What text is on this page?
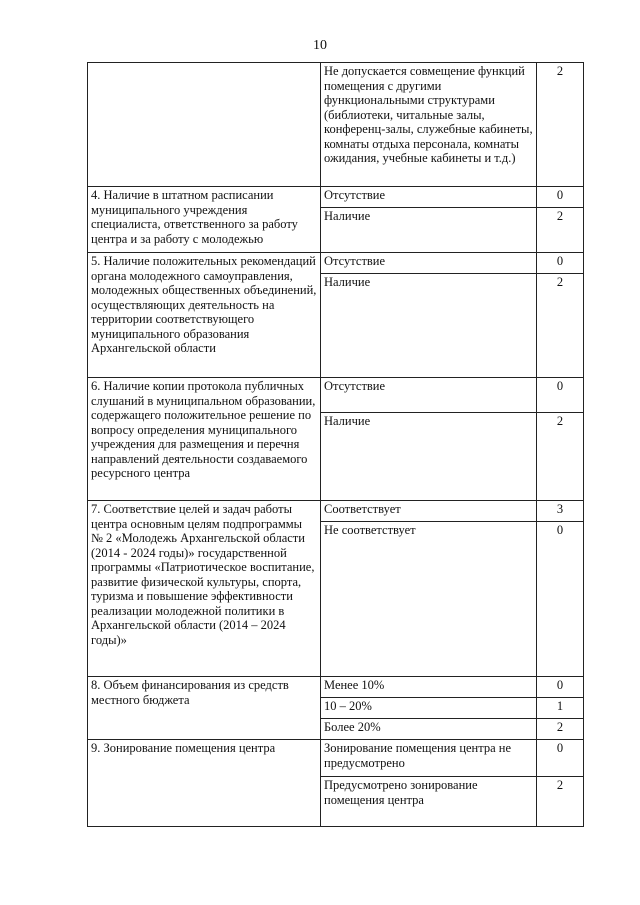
10
	Не допускается совмещение функций помещения с другими функциональными структурами (библиотеки, читальные залы, конференц-залы, служебные кабинеты, комнаты отдыха персонала, комнаты ожидания, учебные кабинеты и т.д.)	2
4. Наличие в штатном расписании муниципального учреждения специалиста, ответственного за работу центра и за работу с молодежью	Отсутствие	0
	Наличие	2
5. Наличие положительных рекомендаций органа молодежного самоуправления, молодежных общественных объединений, осуществляющих деятельность на территории соответствующего муниципального образования Архангельской области	Отсутствие	0
	Наличие	2
6. Наличие копии протокола публичных слушаний в муниципальном образовании, содержащего положительное решение по вопросу определения муниципального учреждения для размещения и перечня направлений деятельности создаваемого ресурсного центра	Отсутствие	0
	Наличие	2
7. Соответствие целей и задач работы центра основным целям подпрограммы № 2 «Молодежь Архангельской области (2014 - 2024 годы)» государственной программы «Патриотическое воспитание, развитие физической культуры, спорта, туризма и повышение эффективности реализации молодежной политики в Архангельской области (2014 – 2024 годы)»	Соответствует	3
	Не соответствует	0
8. Объем финансирования из средств местного бюджета	Менее 10%	0
	10 – 20%	1
	Более 20%	2
9. Зонирование помещения центра	Зонирование помещения центра не предусмотрено	0
	Предусмотрено зонирование помещения центра	2
